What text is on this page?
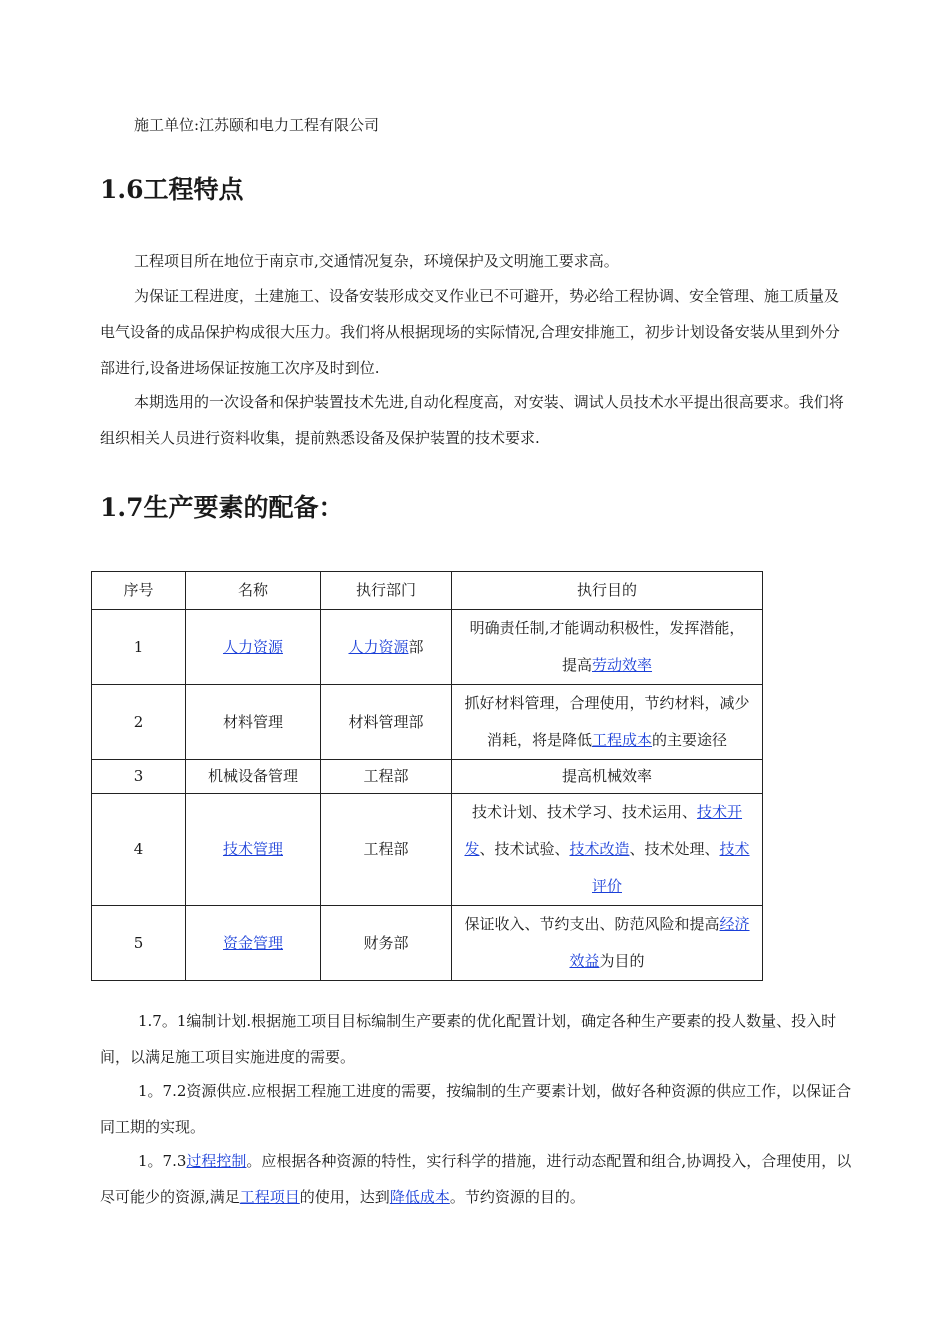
施工单位:江苏颐和电力工程有限公司

1.6工程特点

工程项目所在地位于南京市,交通情况复杂，环境保护及文明施工要求高。

为保证工程进度，土建施工、设备安装形成交叉作业已不可避开，势必给工程协调、安全管理、施工质量及电气设备的成品保护构成很大压力。我们将从根据现场的实际情况,合理安排施工，初步计划设备安装从里到外分部进行,设备进场保证按施工次序及时到位.

本期选用的一次设备和保护装置技术先进,自动化程度高，对安装、调试人员技术水平提出很高要求。我们将组织相关人员进行资料收集，提前熟悉设备及保护装置的技术要求.

1.7生产要素的配备：
序号	名称	执行部门	执行目的
1	人力资源	人力资源部	明确责任制,才能调动积极性，发挥潜能，提高劳动效率
2	材料管理	材料管理部	抓好材料管理，合理使用，节约材料，减少消耗，将是降低工程成本的主要途径
3	机械设备管理	工程部	提高机械效率
4	技术管理	工程部	技术计划、技术学习、技术运用、技术开发、技术试验、技术改造、技术处理、技术评价
5	资金管理	财务部	保证收入、节约支出、防范风险和提高经济效益为目的

1.7。1编制计划.根据施工项目目标编制生产要素的优化配置计划，确定各种生产要素的投人数量、投入时间，以满足施工项目实施进度的需要。

1。7.2资源供应.应根据工程施工进度的需要，按编制的生产要素计划，做好各种资源的供应工作，以保证合同工期的实现。

1。7.3过程控制。应根据各种资源的特性，实行科学的措施，进行动态配置和组合,协调投入，合理使用，以尽可能少的资源,满足工程项目的使用，达到降低成本。节约资源的目的。
